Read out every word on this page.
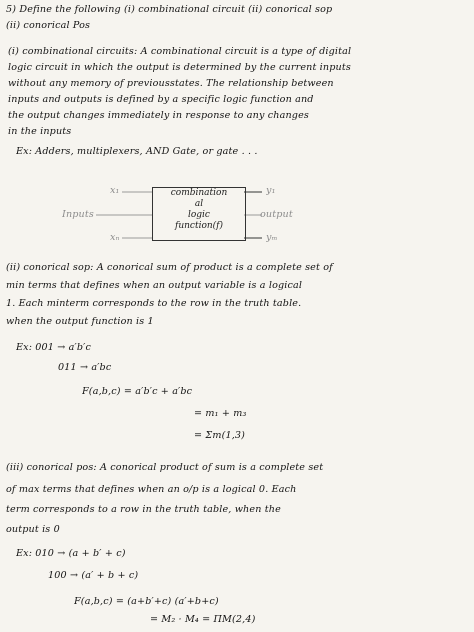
5) Define the following (i) combinational circuit (ii) conorical sop
(ii) conorical Pos
(i) combinational circuits: A combinational circuit is a type of digital
logic circuit in which the output is determined by the current inputs
without any memory of previousstates. The relationship between
inputs and outputs is defined by a specific logic function and
the output changes immediately in response to any changes
in the inputs
Ex: Adders, multiplexers, AND Gate, or gate . . .
combination
al
logic
function(f)
x₁
Inputs
xₙ
y₁
output
yₘ
(ii) conorical sop: A conorical sum of product is a complete set of
min terms that defines when an output variable is a logical
1. Each minterm corresponds to the row in the truth table.
when the output function is 1
Ex: 001 → a′b′c
011 → a′bc
F(a,b,c) = a′b′c + a′bc
= m₁ + m₃
= Σm(1,3)
(iii) conorical pos: A conorical product of sum is a complete set
of max terms that defines when an o/p is a logical 0. Each
term corresponds to a row in the truth table, when the
output is 0
Ex: 010 → (a + b′ + c)
100 → (a′ + b + c)
F(a,b,c) = (a+b′+c) (a′+b+c)
= M₂ · M₄ = ΠM(2,4)
